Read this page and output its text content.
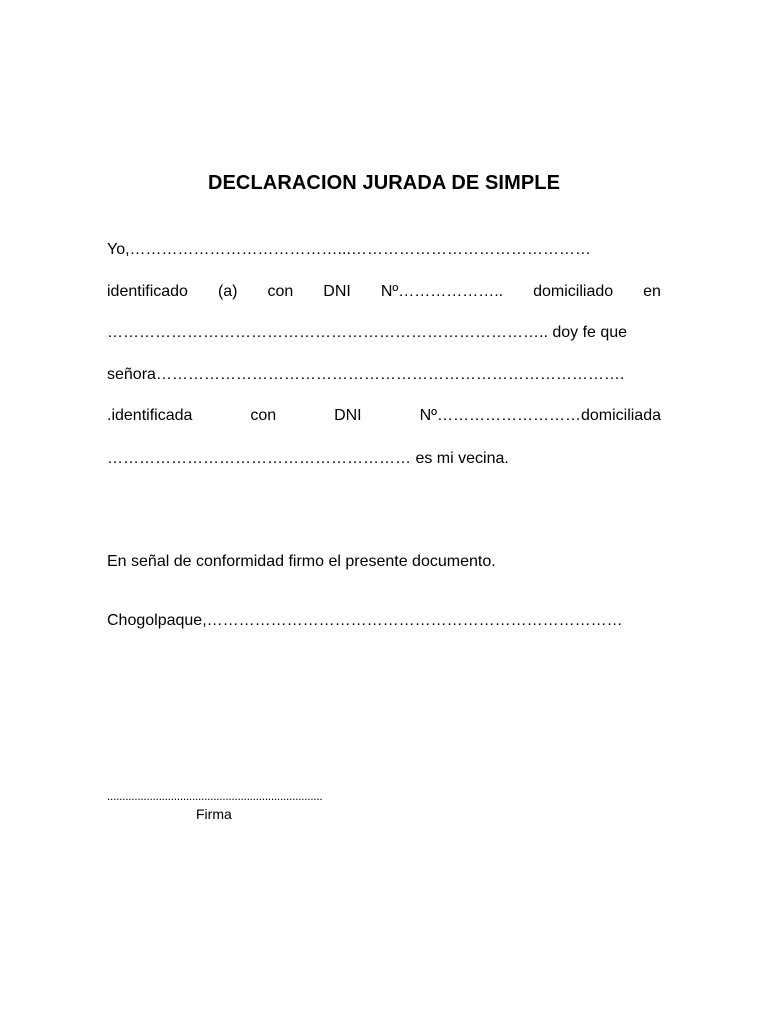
DECLARACION JURADA DE SIMPLE
Yo,…………………………………...………………………………………
identificado (a) con DNI Nº……………….. domiciliado en
……………………………………………………………………….. doy fe que
señora…………………………………………………………………………….
.identificada	con	DNI	Nº………………………domiciliada
………………………………………………… es mi vecina.
En señal de conformidad firmo el presente documento.
Chogolpaque,……………………………………………………………………
.......................................................................
Firma
